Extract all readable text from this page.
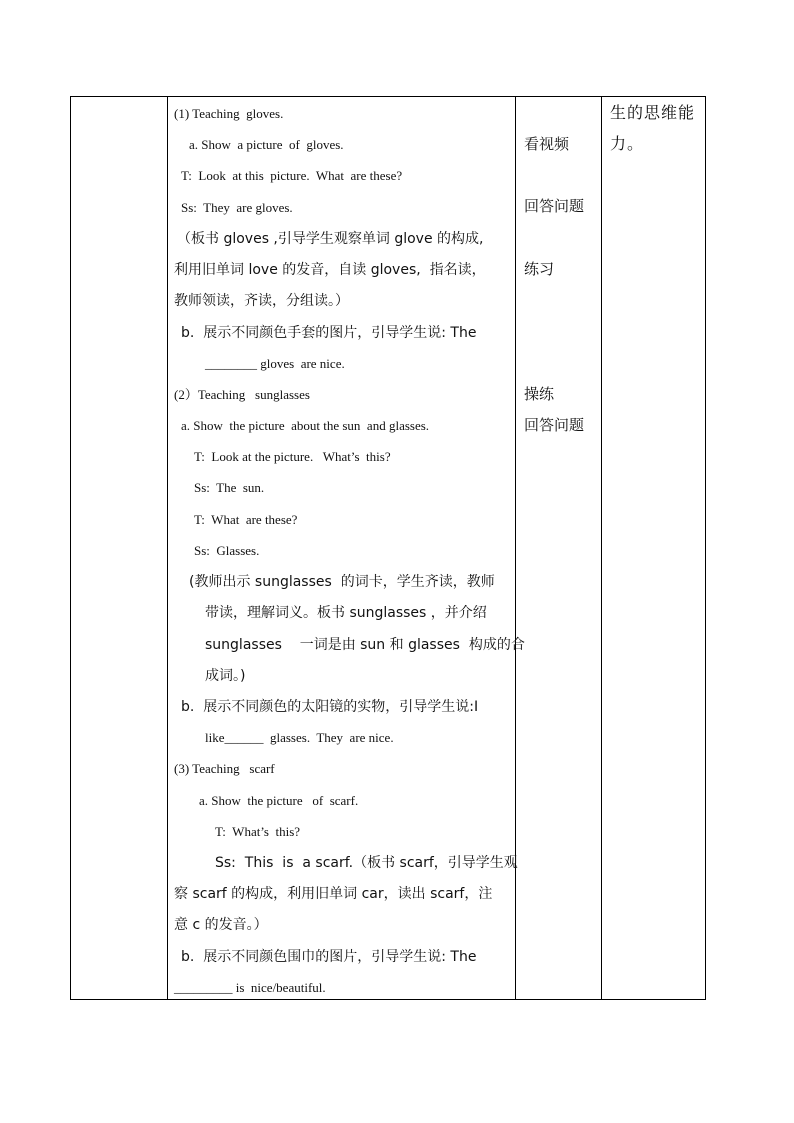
(1) Teaching  gloves.
a. Show  a picture  of  gloves.
T:  Look  at this  picture.  What  are these?
Ss:  They  are gloves.
（板书 gloves ,引导学生观察单词 glove 的构成,
利用旧单词 love 的发音，自读 gloves,  指名读，
教师领读，齐读，分组读。）
b.  展示不同颜色手套的图片，引导学生说: The
________ gloves  are nice.
(2）Teaching   sunglasses
a. Show  the picture  about the sun  and glasses.
T:  Look at the picture.   What’s  this?
Ss:  The  sun.
T:  What  are these?
Ss:  Glasses.
(教师出示 sunglasses  的词卡，学生齐读，教师
带读，理解词义。板书 sunglasses ，并介绍
sunglasses    一词是由 sun 和 glasses  构成的合
成词。)
b.  展示不同颜色的太阳镜的实物，引导学生说:I
like______  glasses.  They  are nice.
(3) Teaching   scarf
a. Show  the picture   of  scarf.
T:  What’s  this?
Ss:  This  is  a scarf.（板书 scarf，引导学生观
察 scarf 的构成，利用旧单词 car，读出 scarf，注
意 c 的发音。）
b.  展示不同颜色围巾的图片，引导学生说: The
_________ is  nice/beautiful.
看视频
回答问题
练习
操练
回答问题
生的思维能
力。
